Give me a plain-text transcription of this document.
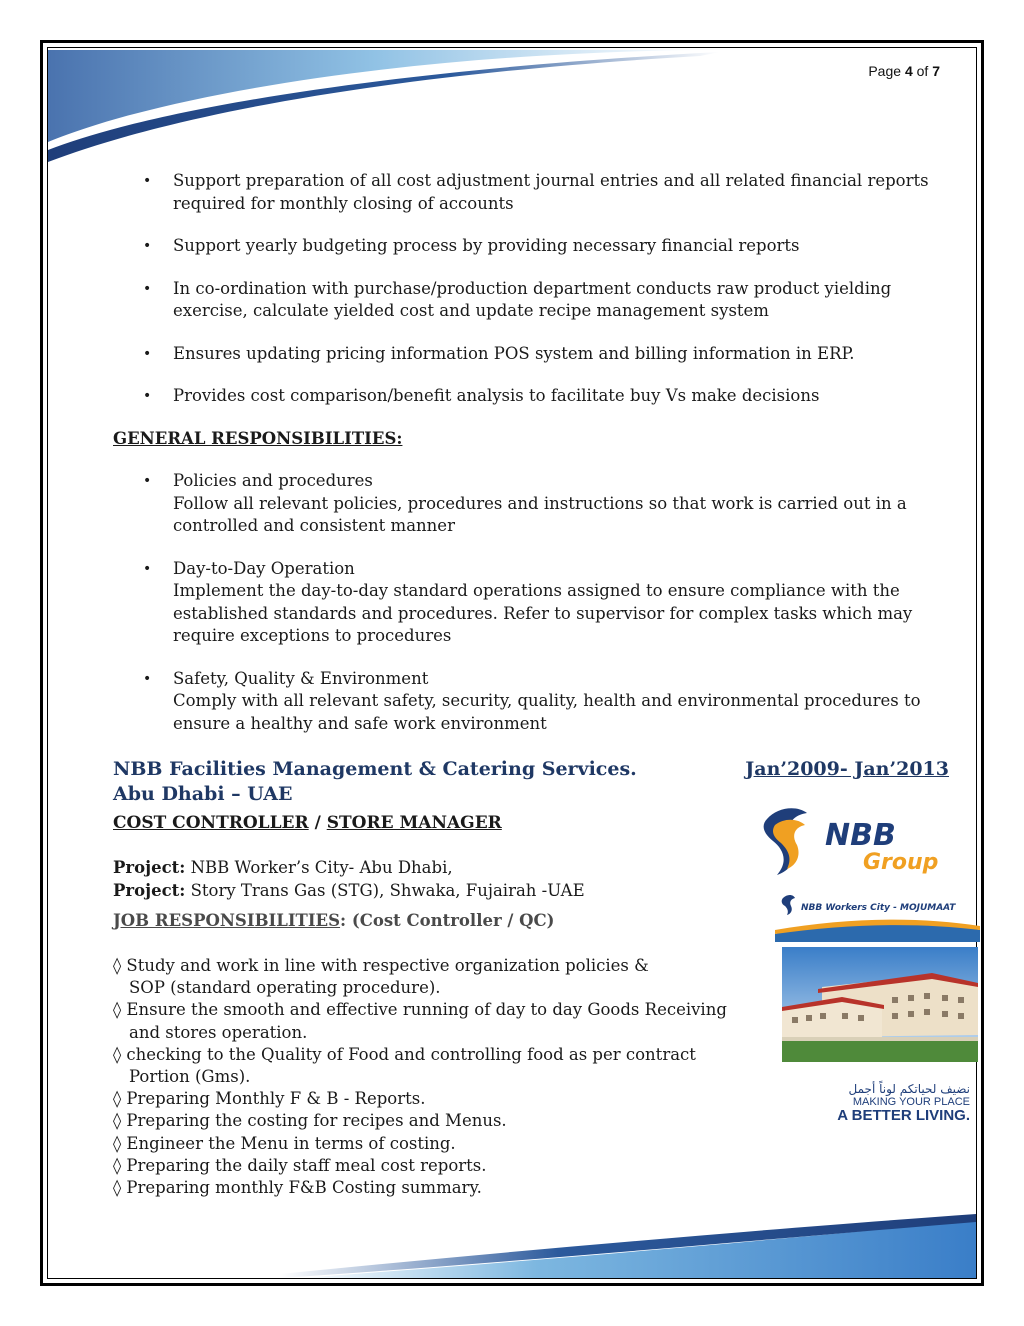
Page 4 of 7
• Support preparation of all cost adjustment journal entries and all related financial reports required for monthly closing of accounts
• Support yearly budgeting process by providing necessary financial reports
• In co-ordination with purchase/production department conducts raw product yielding exercise, calculate yielded cost and update recipe management system
• Ensures updating pricing information POS system and billing information in ERP.
• Provides cost comparison/benefit analysis to facilitate buy Vs make decisions
GENERAL RESPONSIBILITIES:
• Policies and procedures
Follow all relevant policies, procedures and instructions so that work is carried out in a controlled and consistent manner
• Day-to-Day Operation
Implement the day-to-day standard operations assigned to ensure compliance with the established standards and procedures. Refer to supervisor for complex tasks which may require exceptions to procedures
• Safety, Quality & Environment
Comply with all relevant safety, security, quality, health and environmental procedures to ensure a healthy and safe work environment
NBB Facilities Management & Catering Services.
Abu Dhabi – UAE
Jan’2009- Jan’2013
COST CONTROLLER / STORE MANAGER
Project: NBB Worker’s City- Abu Dhabi,
Project: Story Trans Gas (STG), Shwaka, Fujairah -UAE
JOB RESPONSIBILITIES: (Cost Controller / QC)
◊ Study and work in line with respective organization policies &
SOP (standard operating procedure).
◊ Ensure the smooth and effective running of day to day Goods Receiving
and stores operation.
◊ checking to the Quality of Food and controlling food as per contract
Portion (Gms).
◊ Preparing Monthly F & B - Reports.
◊ Preparing the costing for recipes and Menus.
◊ Engineer the Menu in terms of costing.
◊ Preparing the daily staff meal cost reports.
◊ Preparing monthly F&B Costing summary.
NBB
Group
NBB Workers City - MOJUMAAT
نضيف لحياتكم لوناً أجمل
MAKING YOUR PLACE
A BETTER LIVING.
